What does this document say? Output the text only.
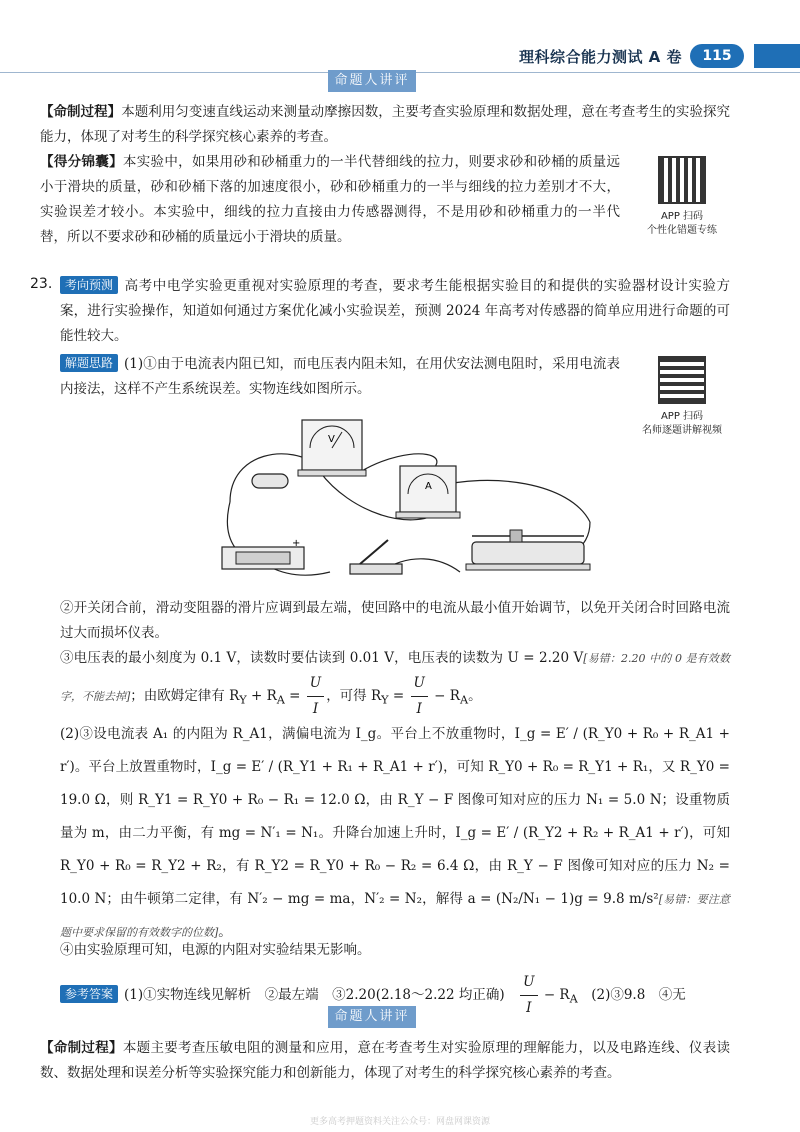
理科综合能力测试 A 卷	115
命题人讲评
【命制过程】本题利用匀变速直线运动来测量动摩擦因数，主要考查实验原理和数据处理，意在考查考生的实验探究能力，体现了对考生的科学探究核心素养的考查。
【得分锦囊】本实验中，如果用砂和砂桶重力的一半代替细线的拉力，则要求砂和砂桶的质量远小于滑块的质量，砂和砂桶下落的加速度很小，砂和砂桶重力的一半与细线的拉力差别才不大，实验误差才较小。本实验中，细线的拉力直接由力传感器测得，不是用砂和砂桶重力的一半代替，所以不要求砂和砂桶的质量远小于滑块的质量。
APP 扫码
个性化错题专练
23.	考向预测 高考中电学实验更重视对实验原理的考查，要求考生能根据实验目的和提供的实验器材设计实验方案，进行实验操作，知道如何通过方案优化减小实验误差，预测 2024 年高考对传感器的简单应用进行命题的可能性较大。
解题思路 (1)①由于电流表内阻已知，而电压表内阻未知，在用伏安法测电阻时，采用电流表内接法，这样不产生系统误差。实物连线如图所示。
APP 扫码
名师逐题讲解视频
V
A
+
②开关闭合前，滑动变阻器的滑片应调到最左端，使回路中的电流从最小值开始调节，以免开关闭合时回路电流过大而损坏仪表。
③电压表的最小刻度为 0.1 V，读数时要估读到 0.01 V，电压表的读数为 U = 2.20 V[易错：2.20 中的 0 是有效数字，不能去掉]；由欧姆定律有 $R_Y + R_A = \frac{U}{I}$ ，可得 $R_Y = \frac{U}{I} - R_A$。
(2)③设电流表 A₁ 的内阻为 R_A1，满偏电流为 I_g。平台上不放重物时，I_g = E′ / (R_Y0 + R₀ + R_A1 + r′)。平台上放置重物时，I_g = E′ / (R_Y1 + R₁ + R_A1 + r′)，可知 R_Y0 + R₀ = R_Y1 + R₁，又 R_Y0 = 19.0 Ω，则 R_Y1 = R_Y0 + R₀ − R₁ = 12.0 Ω，由 R_Y − F 图像可知对应的压力 N₁ = 5.0 N；设重物质量为 m，由二力平衡，有 mg = N′₁ = N₁。升降台加速上升时，I_g = E′ / (R_Y2 + R₂ + R_A1 + r′)，可知 R_Y0 + R₀ = R_Y2 + R₂，有 R_Y2 = R_Y0 + R₀ − R₂ = 6.4 Ω，由 R_Y − F 图像可知对应的压力 N₂ = 10.0 N；由牛顿第二定律，有 N′₂ − mg = ma，N′₂ = N₂，解得 a = (N₂/N₁ − 1)g = 9.8 m/s²[易错：要注意题中要求保留的有效数字的位数]。
④由实验原理可知，电源的内阻对实验结果无影响。
参考答案 (1)①实物连线见解析　②最左端　③2.20(2.18～2.22 均正确)　 $\frac{U}{I} - R_A$　 (2)③9.8　④无
命题人讲评
【命制过程】本题主要考查压敏电阻的测量和应用，意在考查考生对实验原理的理解能力，以及电路连线、仪表读数、数据处理和误差分析等实验探究能力和创新能力，体现了对考生的科学探究核心素养的考查。
更多高考押题资料关注公众号：网盘网课资源
